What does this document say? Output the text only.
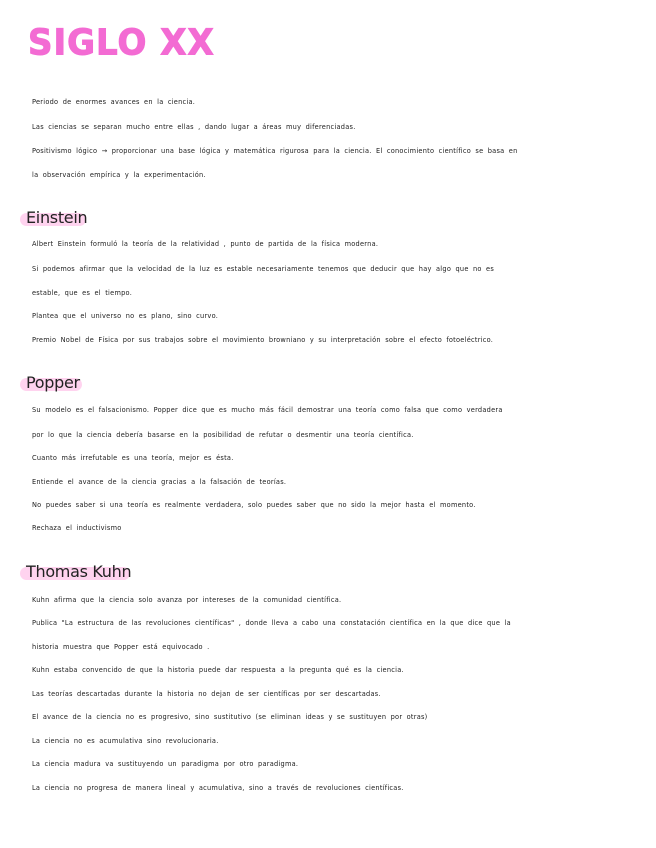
SIGLO XX
Periodo de enormes avances en la ciencia.
Las ciencias se separan mucho entre ellas , dando lugar a áreas muy diferenciadas.
Positivismo lógico → proporcionar una base lógica y matemática rigurosa para la ciencia. El conocimiento científico se basa en
la observación empírica y la experimentación.
Einstein
Albert Einstein formuló la teoría de la relatividad , punto de partida de la física moderna.
Si podemos afirmar que la velocidad de la luz es estable necesariamente tenemos que deducir que hay algo que no es
estable, que es el tiempo.
Plantea que el universo no es plano, sino curvo.
Premio Nobel de Física por sus trabajos sobre el movimiento browniano y su interpretación sobre el efecto fotoeléctrico.
Popper
Su modelo es el falsacionismo. Popper dice que es mucho más fácil demostrar una teoría como falsa que como verdadera
por lo que la ciencia debería basarse en la posibilidad de refutar o desmentir una teoría científica.
Cuanto más irrefutable es una teoría, mejor es ésta.
Entiende el avance de la ciencia gracias a la falsación de teorías.
No puedes saber si una teoría es realmente verdadera, solo puedes saber que no sido la mejor hasta el momento.
Rechaza el inductivismo
Thomas Kuhn
Kuhn afirma que la ciencia solo avanza por intereses de la comunidad científica.
Publica "La estructura de las revoluciones científicas" , donde lleva a cabo una constatación científica en la que dice que la
historia muestra que Popper está equivocado .
Kuhn estaba convencido de que la historia puede dar respuesta a la pregunta qué es la ciencia.
Las teorías descartadas durante la historia no dejan de ser científicas por ser descartadas.
El avance de la ciencia no es progresivo, sino sustitutivo (se eliminan ideas y se sustituyen por otras)
La ciencia no es acumulativa sino revolucionaria.
La ciencia madura va sustituyendo un paradigma por otro paradigma.
La ciencia no progresa de manera lineal y acumulativa, sino a través de revoluciones científicas.
